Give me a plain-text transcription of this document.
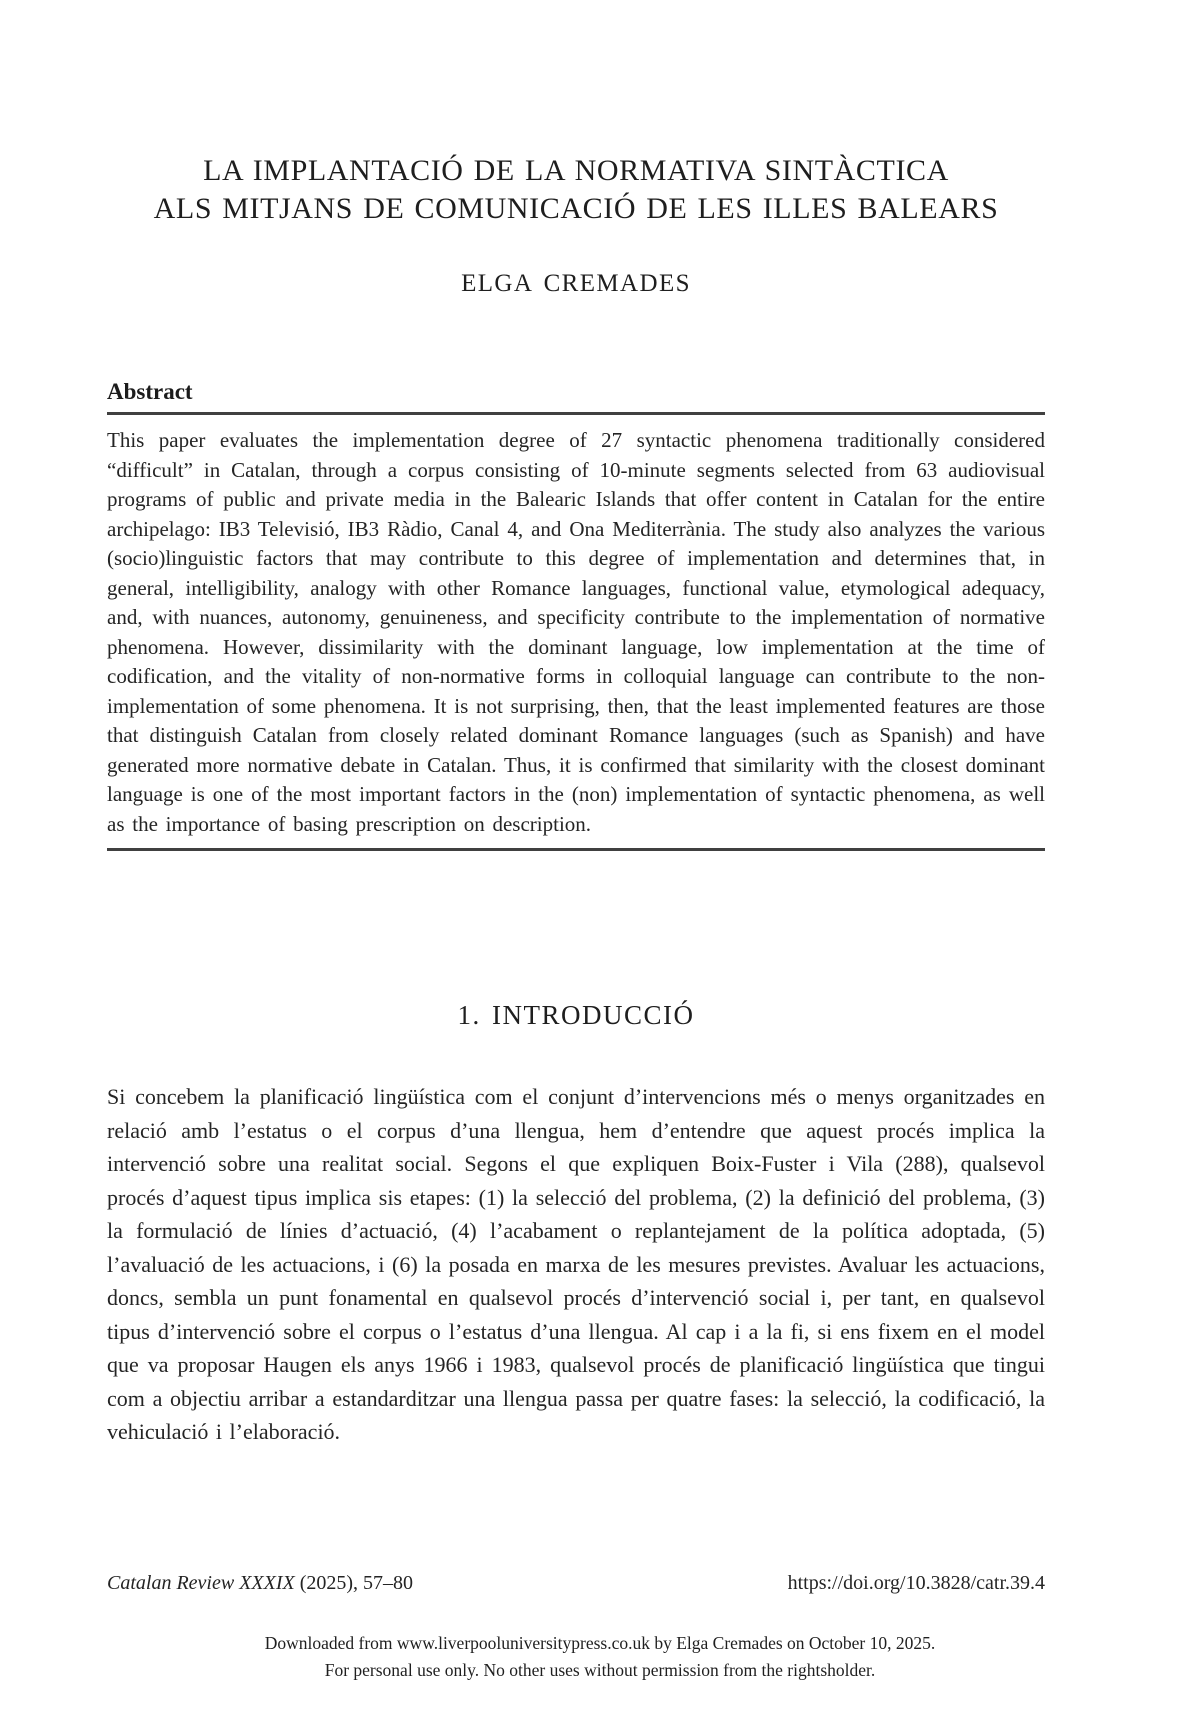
LA IMPLANTACIÓ DE LA NORMATIVA SINTÀCTICA
ALS MITJANS DE COMUNICACIÓ DE LES ILLES BALEARS
ELGA CREMADES
Abstract

This paper evaluates the implementation degree of 27 syntactic phenomena traditionally considered “difficult” in Catalan, through a corpus consisting of 10-minute segments selected from 63 audiovisual programs of public and private media in the Balearic Islands that offer content in Catalan for the entire archipelago: IB3 Televisió, IB3 Ràdio, Canal 4, and Ona Mediterrània. The study also analyzes the various (socio)linguistic factors that may contribute to this degree of implementation and determines that, in general, intelligibility, analogy with other Romance languages, functional value, etymological adequacy, and, with nuances, autonomy, genuineness, and specificity contribute to the implementation of normative phenomena. However, dissimilarity with the dominant language, low implementation at the time of codification, and the vitality of non-normative forms in colloquial language can contribute to the non-implementation of some phenomena. It is not surprising, then, that the least implemented features are those that distinguish Catalan from closely related dominant Romance languages (such as Spanish) and have generated more normative debate in Catalan. Thus, it is confirmed that similarity with the closest dominant language is one of the most important factors in the (non) implementation of syntactic phenomena, as well as the importance of basing prescription on description.

1. INTRODUCCIÓ

Si concebem la planificació lingüística com el conjunt d’intervencions més o menys organitzades en relació amb l’estatus o el corpus d’una llengua, hem d’entendre que aquest procés implica la intervenció sobre una realitat social. Segons el que expliquen Boix-Fuster i Vila (288), qualsevol procés d’aquest tipus implica sis etapes: (1) la selecció del problema, (2) la definició del problema, (3) la formulació de línies d’actuació, (4) l’acabament o replantejament de la política adoptada, (5) l’avaluació de les actuacions, i (6) la posada en marxa de les mesures previstes. Avaluar les actuacions, doncs, sembla un punt fonamental en qualsevol procés d’intervenció social i, per tant, en qualsevol tipus d’intervenció sobre el corpus o l’estatus d’una llengua. Al cap i a la fi, si ens fixem en el model que va proposar Haugen els anys 1966 i 1983, qualsevol procés de planificació lingüística que tingui com a objectiu arribar a estandarditzar una llengua passa per quatre fases: la selecció, la codificació, la vehiculació i l’elaboració.

Catalan Review XXXIX (2025), 57–80	https://doi.org/10.3828/catr.39.4
Downloaded from www.liverpooluniversitypress.co.uk by Elga Cremades on October 10, 2025.
For personal use only. No other uses without permission from the rightsholder.
